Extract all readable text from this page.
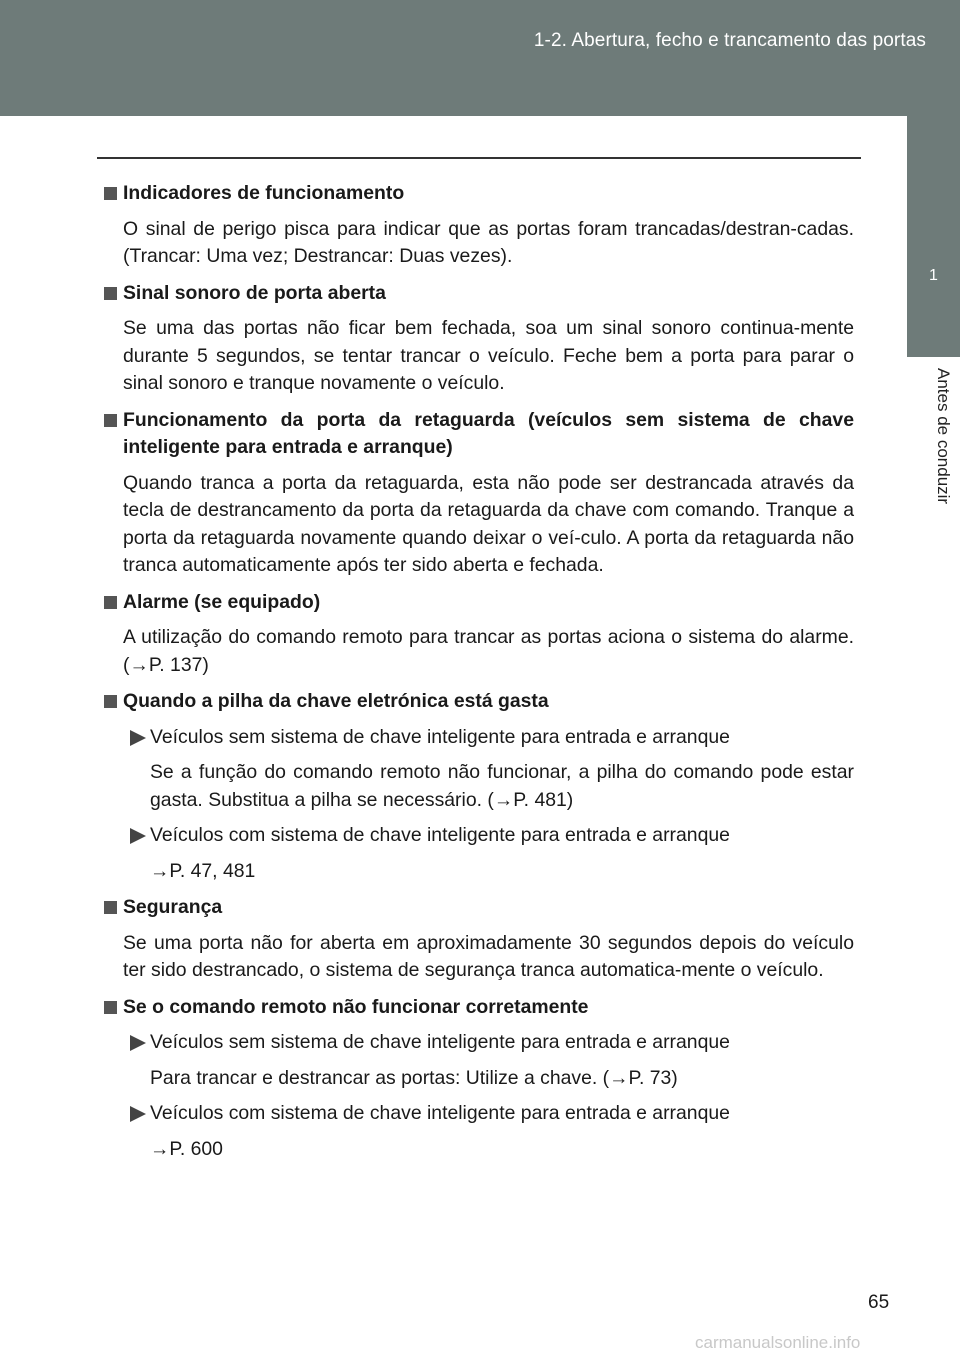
1-2. Abertura, fecho e trancamento das portas
1
Antes de conduzir
Indicadores de funcionamento
O sinal de perigo pisca para indicar que as portas foram trancadas/destran-cadas. (Trancar: Uma vez; Destrancar: Duas vezes).
Sinal sonoro de porta aberta
Se uma das portas não ficar bem fechada, soa um sinal sonoro continua-mente durante 5 segundos, se tentar trancar o veículo. Feche bem a porta para parar o sinal sonoro e tranque novamente o veículo.
Funcionamento da porta da retaguarda (veículos sem sistema de chave inteligente para entrada e arranque)
Quando tranca a porta da retaguarda, esta não pode ser destrancada através da tecla de destrancamento da porta da retaguarda da chave com comando. Tranque a porta da retaguarda novamente quando deixar o veí-culo. A porta da retaguarda não tranca automaticamente após ter sido aberta e fechada.
Alarme (se equipado)
A utilização do comando remoto para trancar as portas aciona o sistema do alarme. (→P. 137)
Quando a pilha da chave eletrónica está gasta
Veículos sem sistema de chave inteligente para entrada e arranque
Se a função do comando remoto não funcionar, a pilha do comando pode estar gasta. Substitua a pilha se necessário. (→P. 481)
Veículos com sistema de chave inteligente para entrada e arranque
→P. 47, 481
Segurança
Se uma porta não for aberta em aproximadamente 30 segundos depois do veículo ter sido destrancado, o sistema de segurança tranca automatica-mente o veículo.
Se o comando remoto não funcionar corretamente
Veículos sem sistema de chave inteligente para entrada e arranque
Para trancar e destrancar as portas: Utilize a chave. (→P. 73)
Veículos com sistema de chave inteligente para entrada e arranque
→P. 600
65
carmanualsonline.info
